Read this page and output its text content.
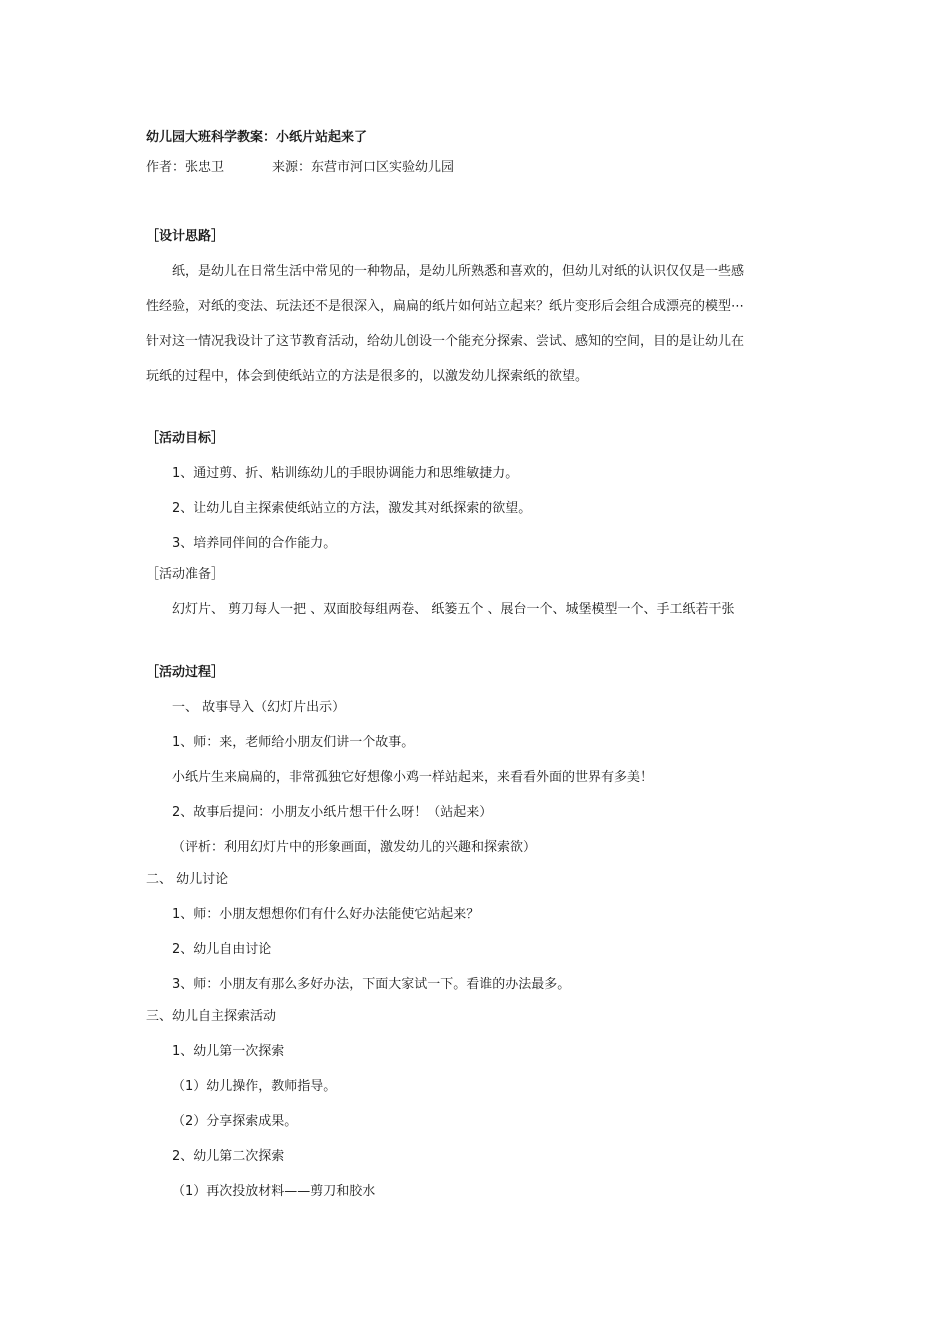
幼儿园大班科学教案：小纸片站起来了
作者：张忠卫	来源：东营市河口区实验幼儿园
［设计思路］
纸，是幼儿在日常生活中常见的一种物品，是幼儿所熟悉和喜欢的，但幼儿对纸的认识仅仅是一些感
性经验，对纸的变法、玩法还不是很深入，扁扁的纸片如何站立起来？纸片变形后会组合成漂亮的模型⋯
针对这一情况我设计了这节教育活动，给幼儿创设一个能充分探索、尝试、感知的空间，目的是让幼儿在
玩纸的过程中，体会到使纸站立的方法是很多的，以激发幼儿探索纸的欲望。
［活动目标］
1、通过剪、折、粘训练幼儿的手眼协调能力和思维敏捷力。
2、让幼儿自主探索使纸站立的方法，激发其对纸探索的欲望。
3、培养同伴间的合作能力。
［活动准备］
幻灯片、 剪刀每人一把 、双面胶每组两卷、 纸篓五个 、展台一个、城堡模型一个、手工纸若干张
［活动过程］
一、 故事导入（幻灯片出示）
1、师：来，老师给小朋友们讲一个故事。
小纸片生来扁扁的，非常孤独它好想像小鸡一样站起来，来看看外面的世界有多美！
2、故事后提问：小朋友小纸片想干什么呀！（站起来）
（评析：利用幻灯片中的形象画面，激发幼儿的兴趣和探索欲）
二、 幼儿讨论
1、师：小朋友想想你们有什么好办法能使它站起来？
2、幼儿自由讨论
3、师：小朋友有那么多好办法，下面大家试一下。看谁的办法最多。
三、幼儿自主探索活动
1、幼儿第一次探索
（1）幼儿操作，教师指导。
（2）分享探索成果。
2、幼儿第二次探索
（1）再次投放材料——剪刀和胶水
